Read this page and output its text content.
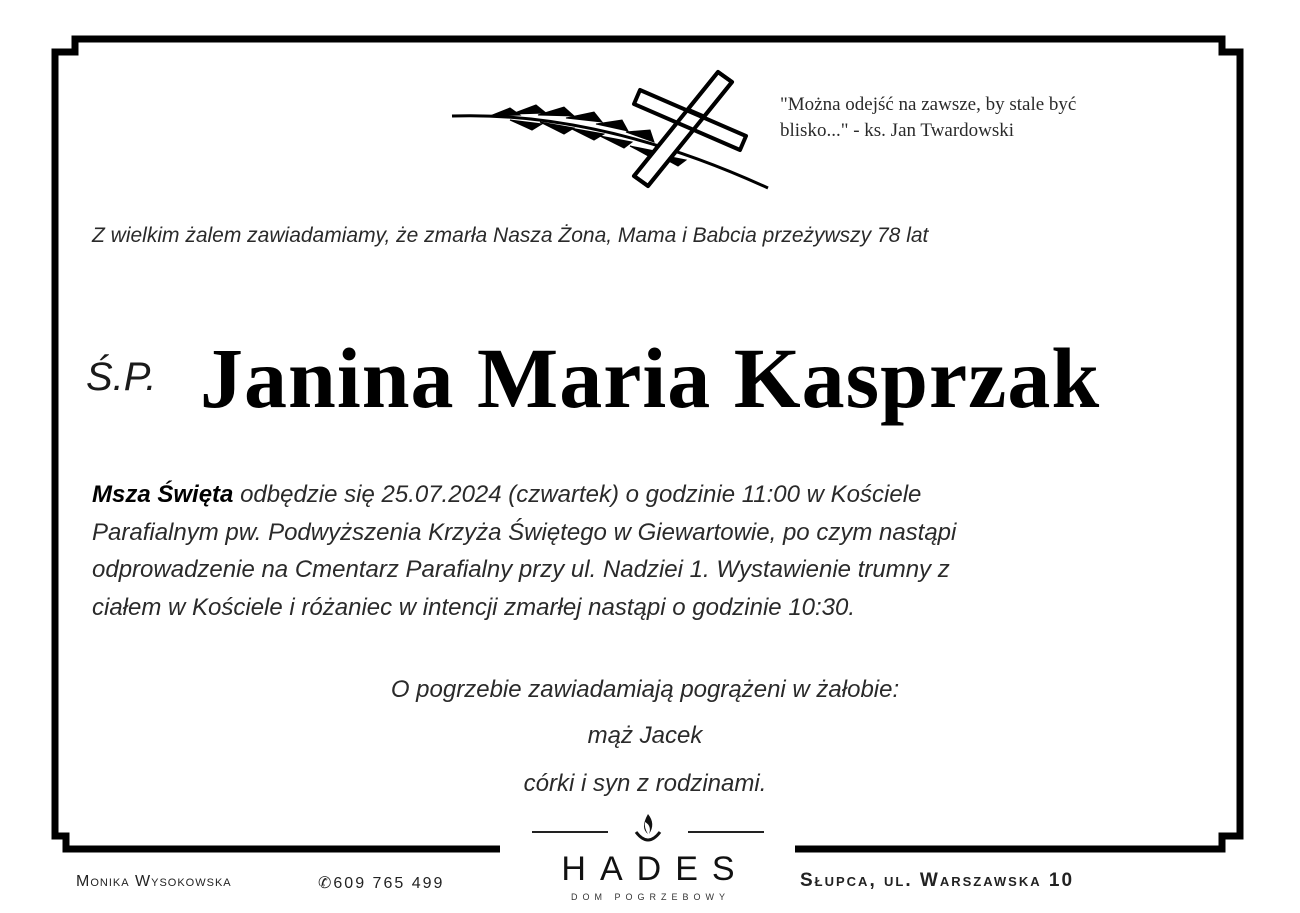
"Można odejść na zawsze, by stale być
blisko..." - ks. Jan Twardowski
Z wielkim żalem zawiadamiamy, że zmarła Nasza Żona, Mama i Babcia przeżywszy 78 lat
Ś.P. Janina Maria Kasprzak
Msza Święta odbędzie się 25.07.2024 (czwartek) o godzinie 11:00 w Kościele
Parafialnym pw. Podwyższenia Krzyża Świętego w Giewartowie, po czym nastąpi
odprowadzenie na Cmentarz Parafialny przy ul. Nadziei 1. Wystawienie trumny z
ciałem w Kościele i różaniec w intencji zmarłej nastąpi o godzinie 10:30.
O pogrzebie zawiadamiają pogrążeni w żałobie:
mąż Jacek
córki i syn z rodzinami.
Monika Wysokowska	✆609 765 499	HADES
DOM POGRZEBOWY
Słupca, ul. Warszawska 10
